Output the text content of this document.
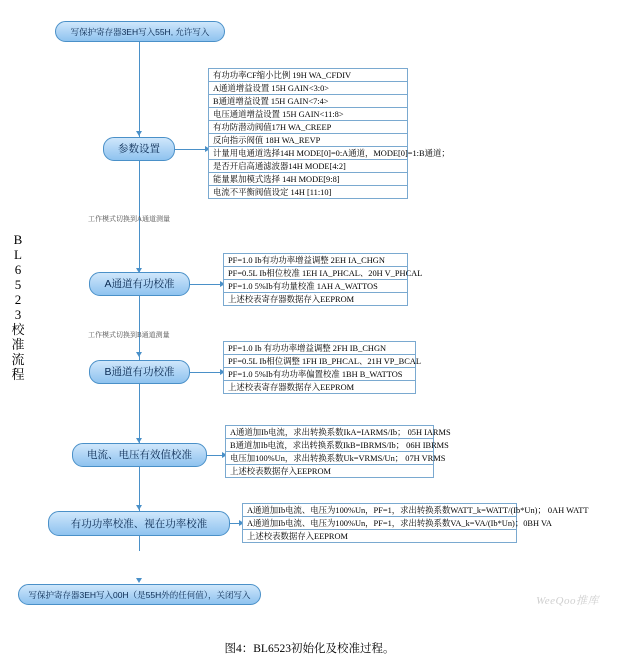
B
L
6
5
2
3
校
准
流
程
写保护寄存器3EH写入55H, 允许写入
参数设置
A通道有功校准
B通道有功校准
电流、电压有效值校准
有功功率校准、视在功率校准
写保护寄存器3EH写入00H（是55H外的任何值），关闭写入
工作模式切换到A通道测量
工作模式切换到B通道测量
有功功率CF缩小比例 19H WA_CFDIV
A通道增益设置 15H GAIN<3:0>
B通道增益设置 15H GAIN<7:4>
电压通道增益设置 15H GAIN<11:8>
有功防潜动阀值17H WA_CREEP
反向指示阀值 18H WA_REVP
计量用电通道选择14H MODE[0]=0:A通道，MODE[0]=1:B通道；
是否开启高通滤波器14H MODE[4:2]
能量累加模式选择 14H MODE[9:8]
电流不平衡阀值设定 14H [11:10]
PF=1.0 Ib有功功率增益调整 2EH IA_CHGN
PF=0.5L Ib相位校准 1EH IA_PHCAL、20H V_PHCAL
PF=1.0 5%Ib有功量校准 1AH A_WATTOS
上述校表寄存器数据存入EEPROM
PF=1.0 Ib 有功功率增益调整 2FH IB_CHGN
PF=0.5L Ib相位调整 1FH IB_PHCAL、21H VP_BCAL
PF=1.0 5%Ib有功功率偏置校准 1BH B_WATTOS
上述校表寄存器数据存入EEPROM
A通道加Ib电流，求出转换系数IkA=IARMS/Ib； 05H IARMS
B通道加Ib电流，求出转换系数IkB=IBRMS/Ib； 06H IBRMS
电压加100%Un，求出转换系数Uk=VRMS/Un； 07H VRMS
上述校表数据存入EEPROM
A通道加Ib电流、电压为100%Un，PF=1，求出转换系数WATT_k=WATT/(Ib*Un)； 0AH WATT
A通道加Ib电流、电压为100%Un，PF=1，求出转换系数VA_k=VA/(Ib*Un)；0BH VA
上述校表数据存入EEPROM
WeeQoo推库
图4：BL6523初始化及校准过程。
